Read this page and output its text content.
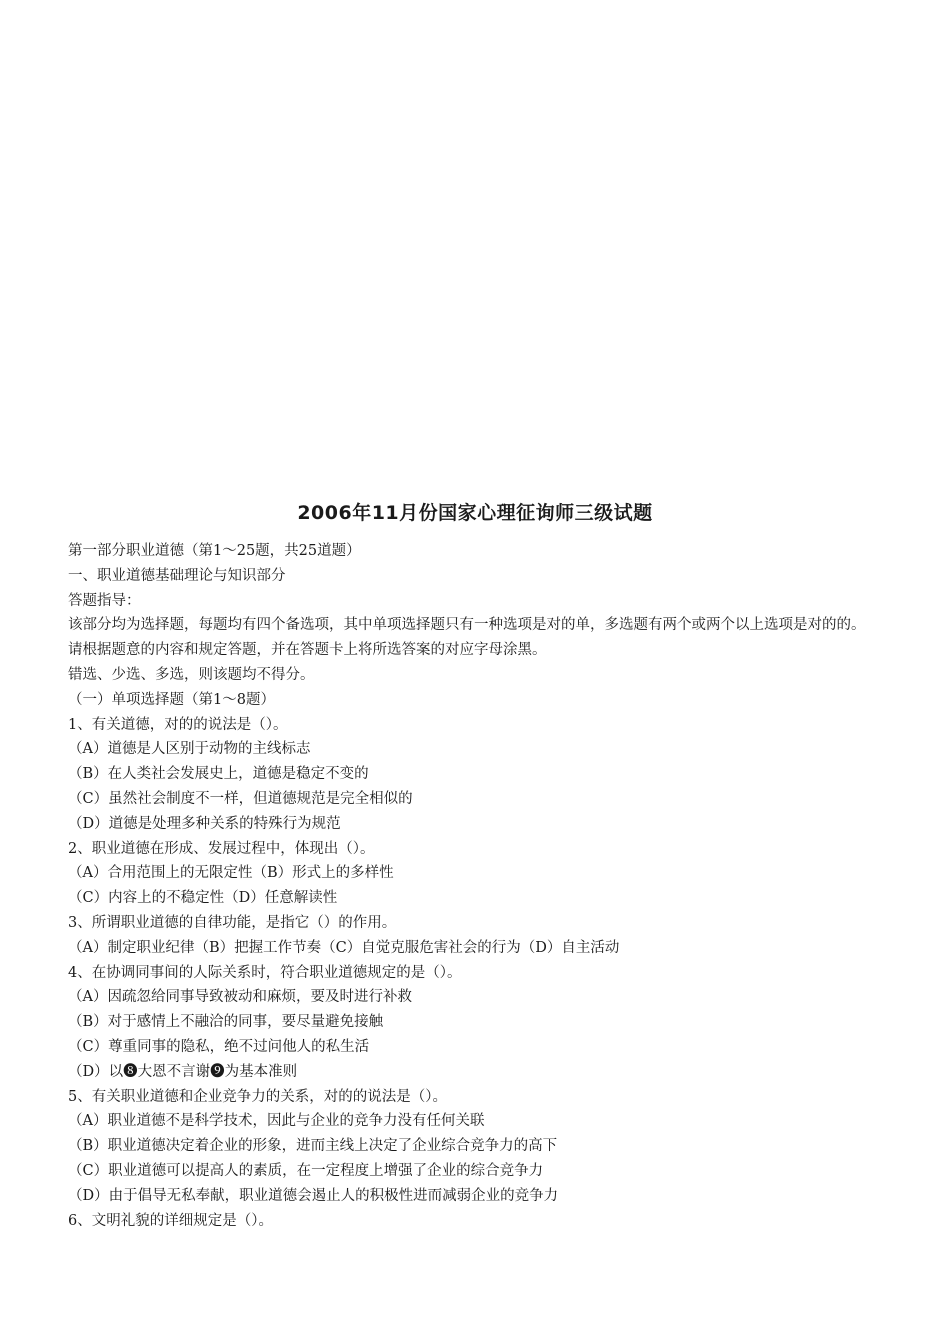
2006年11月份国家心理征询师三级试题

第一部分职业道德（第1～25题，共25道题）

一、职业道德基础理论与知识部分

答题指导：

该部分均为选择题，每题均有四个备选项，其中单项选择题只有一种选项是对的单，多选题有两个或两个以上选项是对的的。

请根据题意的内容和规定答题，并在答题卡上将所选答案的对应字母涂黑。

错选、少选、多选，则该题均不得分。

（一）单项选择题（第1～8题）

1、有关道德，对的的说法是（）。

（A）道德是人区别于动物的主线标志

（B）在人类社会发展史上，道德是稳定不变的

（C）虽然社会制度不一样，但道德规范是完全相似的

（D）道德是处理多种关系的特殊行为规范

2、职业道德在形成、发展过程中，体现出（）。

（A）合用范围上的无限定性（B）形式上的多样性

（C）内容上的不稳定性（D）任意解读性

3、所谓职业道德的自律功能，是指它（）的作用。

（A）制定职业纪律（B）把握工作节奏（C）自觉克服危害社会的行为（D）自主活动

4、在协调同事间的人际关系时，符合职业道德规定的是（）。

（A）因疏忽给同事导致被动和麻烦，要及时进行补救

（B）对于感情上不融洽的同事，要尽量避免接触

（C）尊重同事的隐私，绝不过问他人的私生活

（D）以❽大恩不言谢❾为基本准则

5、有关职业道德和企业竞争力的关系，对的的说法是（）。

（A）职业道德不是科学技术，因此与企业的竞争力没有任何关联

（B）职业道德决定着企业的形象，进而主线上决定了企业综合竞争力的高下

（C）职业道德可以提高人的素质，在一定程度上增强了企业的综合竞争力

（D）由于倡导无私奉献，职业道德会遏止人的积极性进而减弱企业的竞争力

6、文明礼貌的详细规定是（）。
